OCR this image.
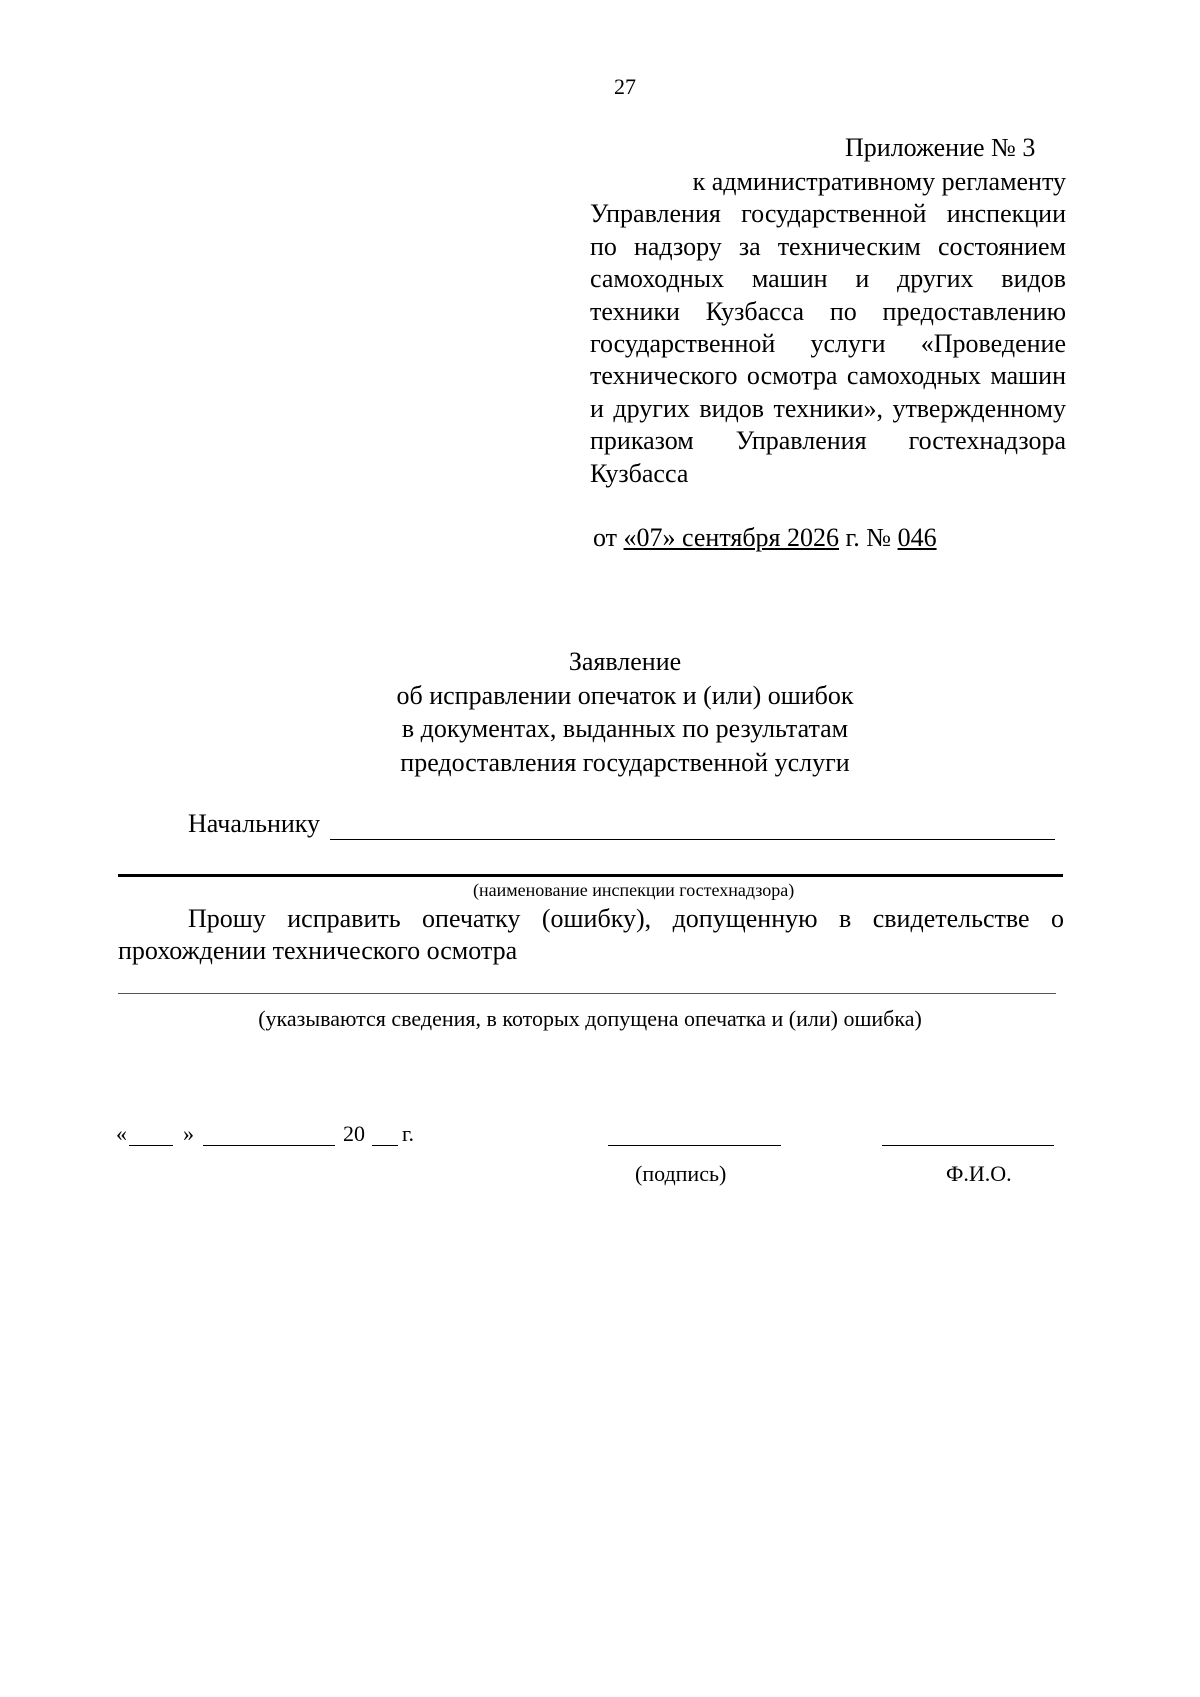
27
Приложение № 3
к административному регламенту
Управления государственной инспекции по надзору за техническим состоянием самоходных машин и других видов техники Кузбасса по предоставлению государственной услуги «Проведение технического осмотра самоходных машин и других видов техники», утвержденному приказом Управления гостехнадзора Кузбасса
от «07» сентября 2026 г. № 046
Заявление
об исправлении опечаток и (или) ошибок
в документах, выданных по результатам
предоставления государственной услуги
Начальнику
(наименование инспекции гостехнадзора)
Прошу исправить опечатку (ошибку), допущенную в свидетельстве о прохождении технического осмотра
(указываются сведения, в которых допущена опечатка и (или) ошибка)
«	»	20 г.
(подпись)	Ф.И.О.
